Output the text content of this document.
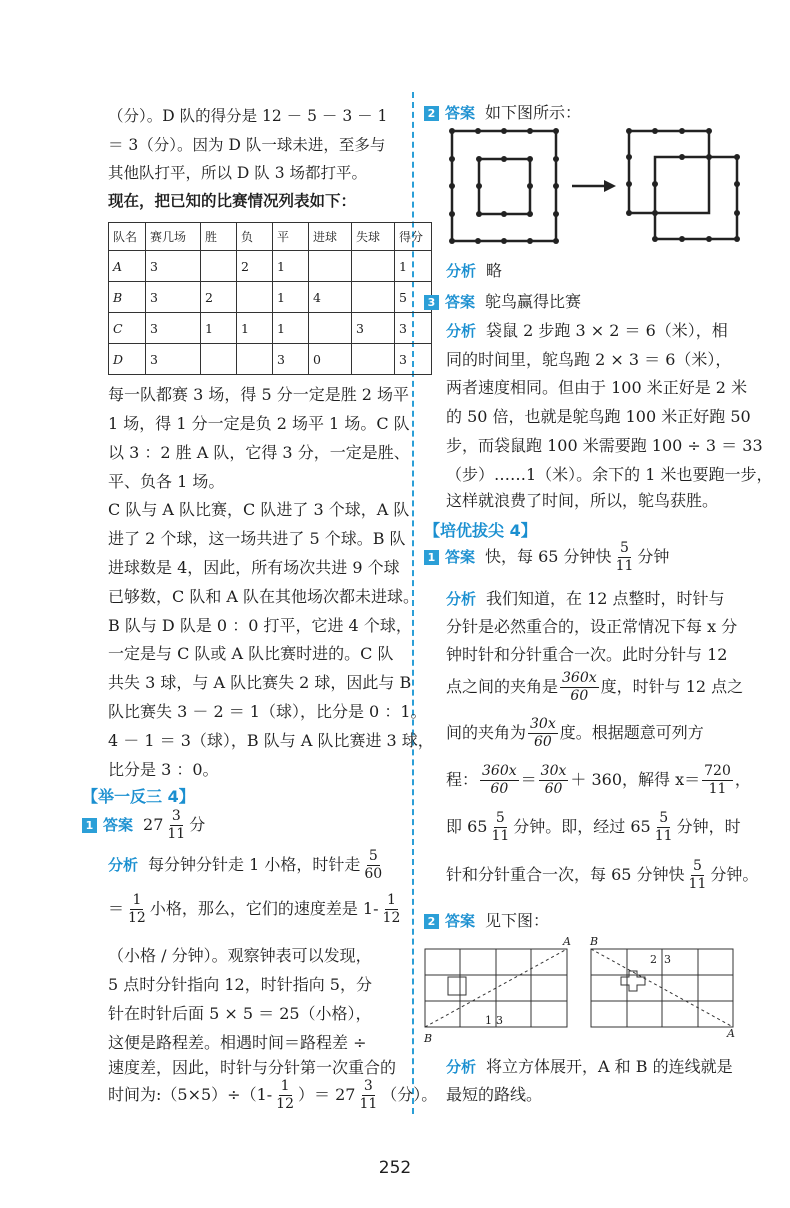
（分）。D 队的得分是 12 － 5 － 3 － 1
＝ 3（分）。因为 D 队一球未进，至多与
其他队打平，所以 D 队 3 场都打平。
现在，把已知的比赛情况列表如下：
队名	赛几场	胜	负	平	进球	失球	得分
A	3		2	1			1
B	3	2		1	4		5
C	3	1	1	1		3	3
D	3			3	0		3
每一队都赛 3 场，得 5 分一定是胜 2 场平
1 场，得 1 分一定是负 2 场平 1 场。C 队
以 3 ：2 胜 A 队，它得 3 分，一定是胜、
平、负各 1 场。
C 队与 A 队比赛，C 队进了 3 个球，A 队
进了 2 个球，这一场共进了 5 个球。B 队
进球数是 4，因此，所有场次共进 9 个球
已够数，C 队和 A 队在其他场次都未进球。
B 队与 D 队是 0 ：0 打平，它进 4 个球，
一定是与 C 队或 A 队比赛时进的。C 队
共失 3 球，与 A 队比赛失 2 球，因此与 B
队比赛失 3 － 2 ＝ 1（球），比分是 0 ：1。
4 － 1 ＝ 3（球），B 队与 A 队比赛进 3 球，
比分是 3 ：0。
【举一反三 4】
1 答案 $27 \frac{3}{11}$ 分
分析 每分钟分针走 1 小格，时针走 $\frac{5}{60}$
＝ $\frac{1}{12}$ 小格，那么，它们的速度差是 $1- \frac{1}{12}$
（小格 / 分钟）。观察钟表可以发现，
5 点时分针指向 12，时针指向 5，分
针在时针后面 5 × 5 ＝ 25（小格），
这便是路程差。相遇时间＝路程差 ÷
速度差，因此，时针与分针第一次重合的
时间为:（5×5）÷（1- $\frac{1}{12}$ ）＝ $27 \frac{3}{11}$ （分）。
2 答案 如下图所示：
分析 略
3 答案 鸵鸟赢得比赛
分析 袋鼠 2 步跑 3 × 2 ＝ 6（米），相
同的时间里，鸵鸟跑 2 × 3 ＝ 6（米），
两者速度相同。但由于 100 米正好是 2 米
的 50 倍，也就是鸵鸟跑 100 米正好跑 50
步，而袋鼠跑 100 米需要跑 100 ÷ 3 ＝ 33
（步）……1（米）。余下的 1 米也要跑一步，
这样就浪费了时间，所以，鸵鸟获胜。
【培优拔尖 4】
1 答案 快，每 65 分钟快 $\frac{5}{11}$ 分钟
分析 我们知道，在 12 点整时，时针与
分针是必然重合的，设正常情况下每 x 分
钟时针和分针重合一次。此时分针与 12
点之间的夹角是 $\frac{360x}{60}$ 度，时针与 12 点之
间的夹角为 $\frac{30x}{60}$ 度。根据题意可列方
程： $\frac{360x}{60} = \frac{30x}{60} + 360$，解得 $x= \frac{720}{11}$ ，
即 $65 \frac{5}{11}$ 分钟。即，经过 $65 \frac{5}{11}$ 分钟，时
针和分针重合一次，每 65 分钟快 $\frac{5}{11}$ 分钟。
2 答案 见下图：
A
B
1 3
B
A
2 3
分析 将立方体展开，A 和 B 的连线就是
最短的路线。
252
